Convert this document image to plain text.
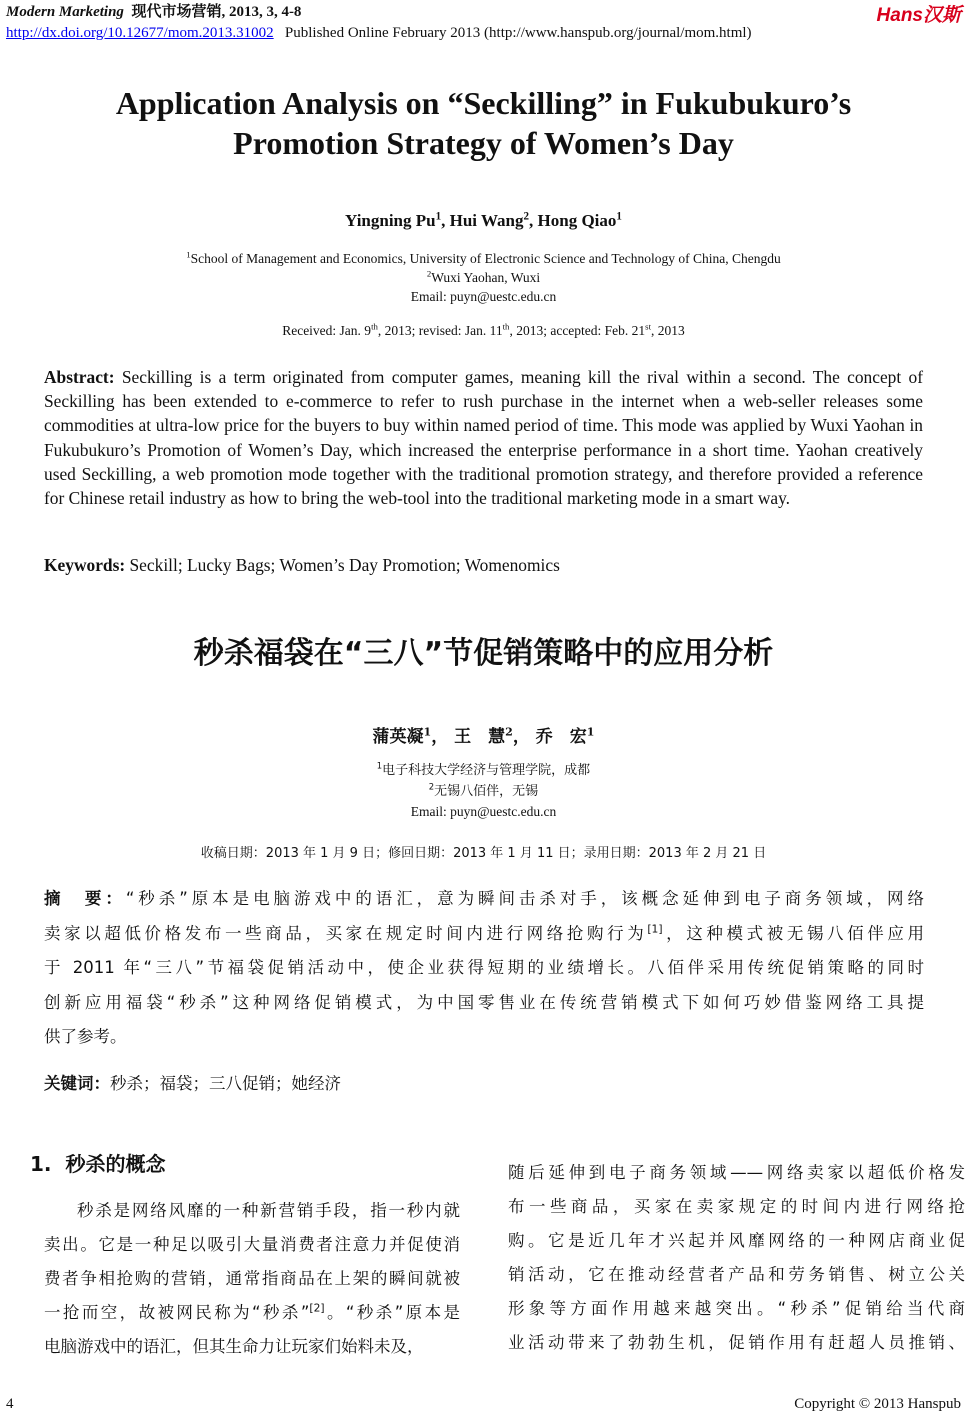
Modern Marketing 现代市场营销, 2013, 3, 4-8
http://dx.doi.org/10.12677/mom.2013.31002 Published Online February 2013 (http://www.hanspub.org/journal/mom.html)
Hans汉斯
Application Analysis on “Seckilling” in Fukubukuro’s
Promotion Strategy of Women’s Day
Yingning Pu$^1$, Hui Wang$^2$, Hong Qiao$^1$
$^1$School of Management and Economics, University of Electronic Science and Technology of China, Chengdu
$^2$Wuxi Yaohan, Wuxi
Email: puyn@uestc.edu.cn
Received: Jan. 9th, 2013; revised: Jan. 11th, 2013; accepted: Feb. 21st, 2013
Abstract: Seckilling is a term originated from computer games, meaning kill the rival within a second. The concept of Seckilling has been extended to e-commerce to refer to rush purchase in the internet when a web-seller releases some commodities at ultra-low price for the buyers to buy within named period of time. This mode was applied by Wuxi Yaohan in Fukubukuro’s Promotion of Women’s Day, which increased the enterprise performance in a short time. Yaohan creatively used Seckilling, a web promotion mode together with the traditional promotion strategy, and therefore provided a reference for Chinese retail industry as how to bring the web-tool into the traditional marketing mode in a smart way.
Keywords: Seckill; Lucky Bags; Women’s Day Promotion; Womenomics
秒杀福袋在“三八”节促销策略中的应用分析
蒲英凝$^1$， 王　慧$^2$， 乔　宏$^1$
$^1$电子科技大学经济与管理学院，成都
$^2$无锡八佰伴，无锡
Email: puyn@uestc.edu.cn
收稿日期：2013 年 1 月 9 日；修回日期：2013 年 1 月 11 日；录用日期：2013 年 2 月 21 日
摘　要：“秒杀”原本是电脑游戏中的语汇，意为瞬间击杀对手，该概念延伸到电子商务领域，网络
卖家以超低价格发布一些商品，买家在规定时间内进行网络抢购行为[1]，这种模式被无锡八佰伴应用
于 2011 年“三八”节福袋促销活动中，使企业获得短期的业绩增长。八佰伴采用传统促销策略的同时
创新应用福袋“秒杀”这种网络促销模式，为中国零售业在传统营销模式下如何巧妙借鉴网络工具提
供了参考。
关键词：秒杀；福袋；三八促销；她经济
1. 秒杀的概念
秒杀是网络风靡的一种新营销手段，指一秒内就
卖出。它是一种足以吸引大量消费者注意力并促使消
费者争相抢购的营销，通常指商品在上架的瞬间就被
一抢而空，故被网民称为“秒杀”[2]。“秒杀”原本是
电脑游戏中的语汇，但其生命力让玩家们始料未及，
随后延伸到电子商务领域——网络卖家以超低价格发
布一些商品，买家在卖家规定的时间内进行网络抢
购。它是近几年才兴起并风靡网络的一种网店商业促
销活动，它在推动经营者产品和劳务销售、树立公关
形象等方面作用越来越突出。“秒杀”促销给当代商
业活动带来了勃勃生机，促销作用有赶超人员推销、
4	Copyright © 2013 Hanspub
